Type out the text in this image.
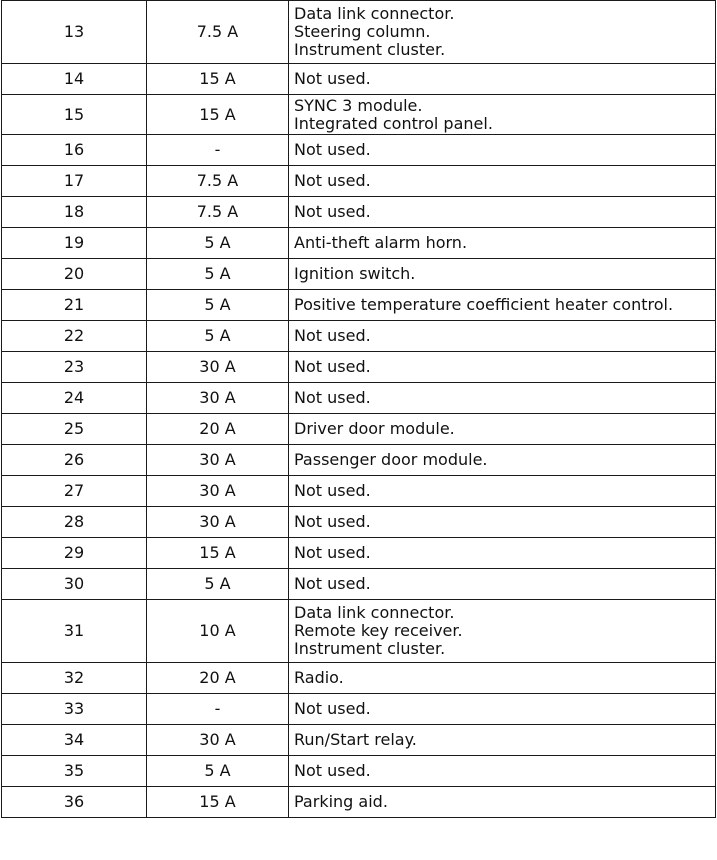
13	7.5 A	Data link connector.
Steering column.
Instrument cluster.

14	15 A	Not used.

15	15 A	SYNC 3 module.
Integrated control panel.

16	-	Not used.

17	7.5 A	Not used.

18	7.5 A	Not used.

19	5 A	Anti-theft alarm horn.

20	5 A	Ignition switch.

21	5 A	Positive temperature coefficient heater control.

22	5 A	Not used.

23	30 A	Not used.

24	30 A	Not used.

25	20 A	Driver door module.

26	30 A	Passenger door module.

27	30 A	Not used.

28	30 A	Not used.

29	15 A	Not used.

30	5 A	Not used.

31	10 A	Data link connector.
Remote key receiver.
Instrument cluster.

32	20 A	Radio.

33	-	Not used.

34	30 A	Run/Start relay.

35	5 A	Not used.

36	15 A	Parking aid.
